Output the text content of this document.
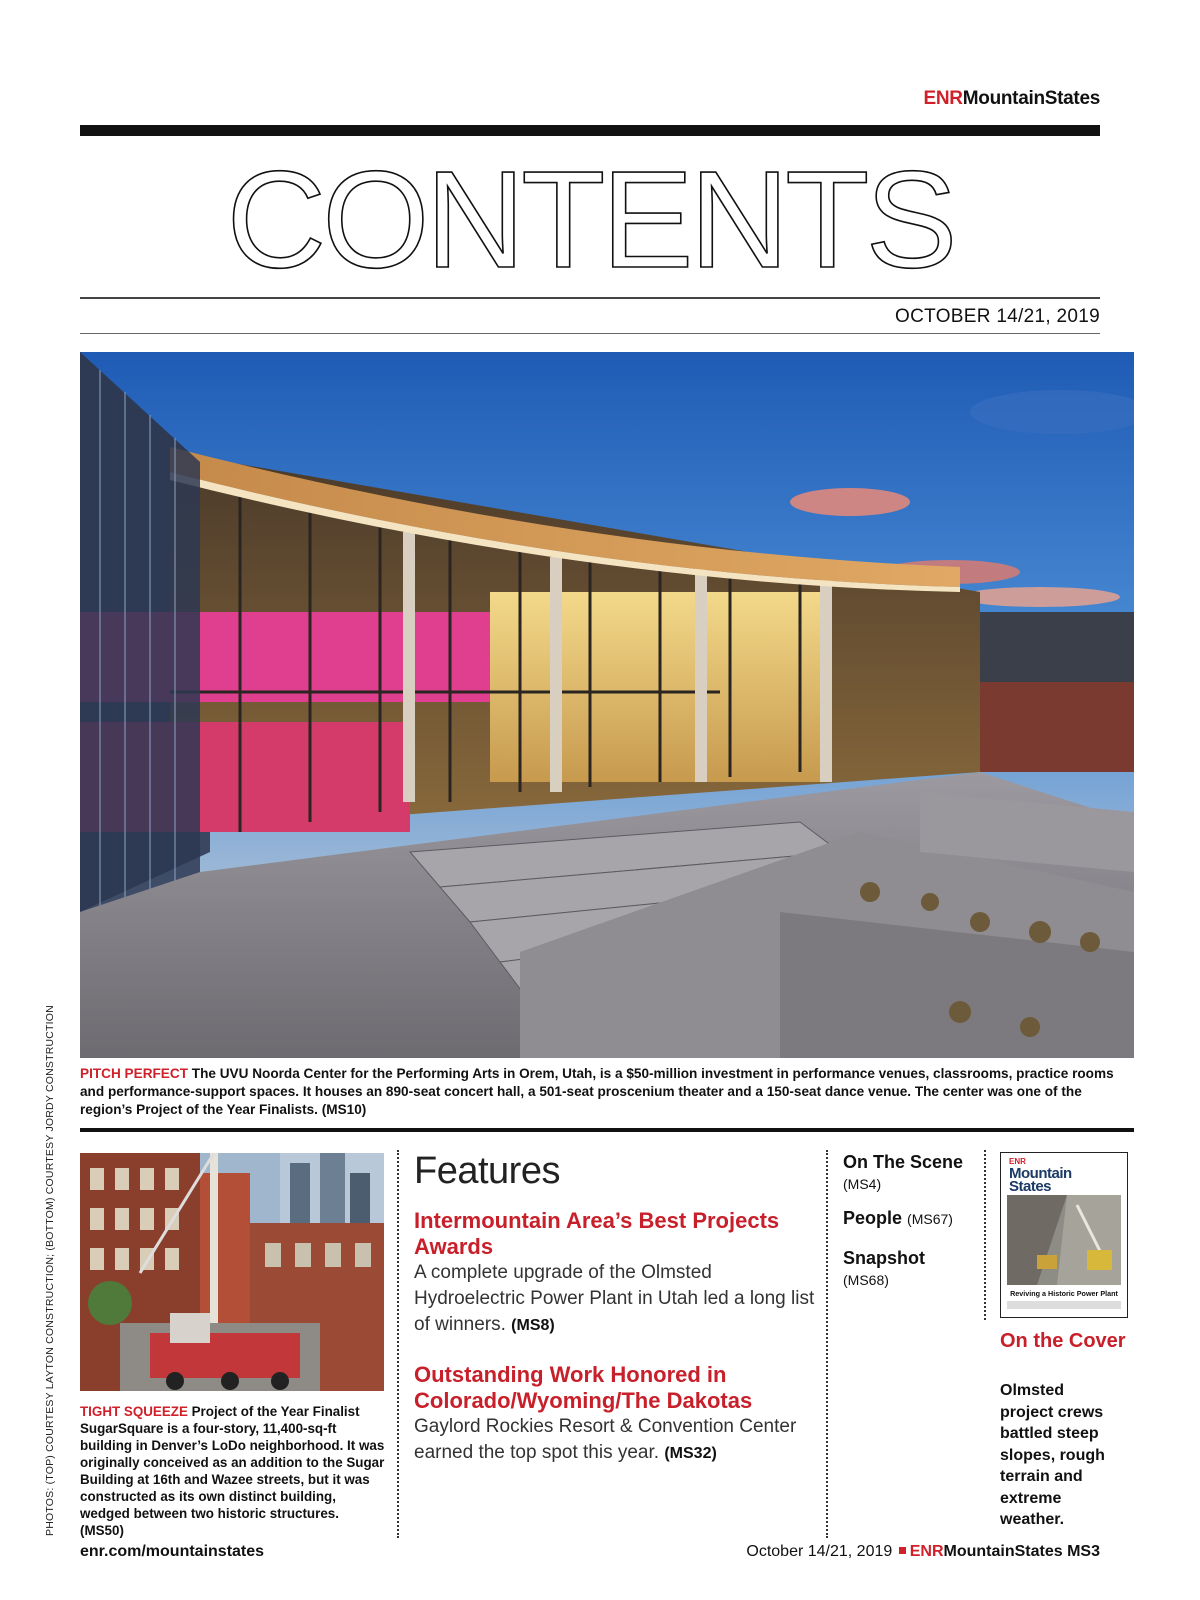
ENRMountainStates
CONTENTS
OCTOBER 14/21, 2019
PITCH PERFECT The UVU Noorda Center for the Performing Arts in Orem, Utah, is a $50-million investment in performance venues, classrooms, practice rooms and performance-support spaces. It houses an 890-seat concert hall, a 501-seat proscenium theater and a 150-seat dance venue. The center was one of the region’s Project of the Year Finalists. (MS10)
PHOTOS: (TOP) COURTESY LAYTON CONSTRUCTION; (BOTTOM) COURTESY JORDY CONSTRUCTION TIGHT SQUEEZE Project of the Year Finalist SugarSquare is a four-story, 11,400-sq-ft building in Denver’s LoDo neighborhood. It was originally conceived as an addition to the Sugar Building at 16th and Wazee streets, but it was constructed as its own distinct building, wedged between two historic structures. (MS50)
Features
Intermountain Area’s Best Projects Awards
A complete upgrade of the Olmsted Hydroelectric Power Plant in Utah led a long list of winners. (MS8)
Outstanding Work Honored in Colorado/Wyoming/The Dakotas
Gaylord Rockies Resort & Convention Center earned the top spot this year. (MS32)
On The Scene (MS4)
People (MS67)
Snapshot
(MS68)
ENR
Mountain
States
Reviving a Historic Power Plant
On the Cover
Olmsted project crews battled steep slopes, rough terrain and extreme weather.
enr.com/mountainstates	October 14/21, 2019 ENRMountainStates MS3
